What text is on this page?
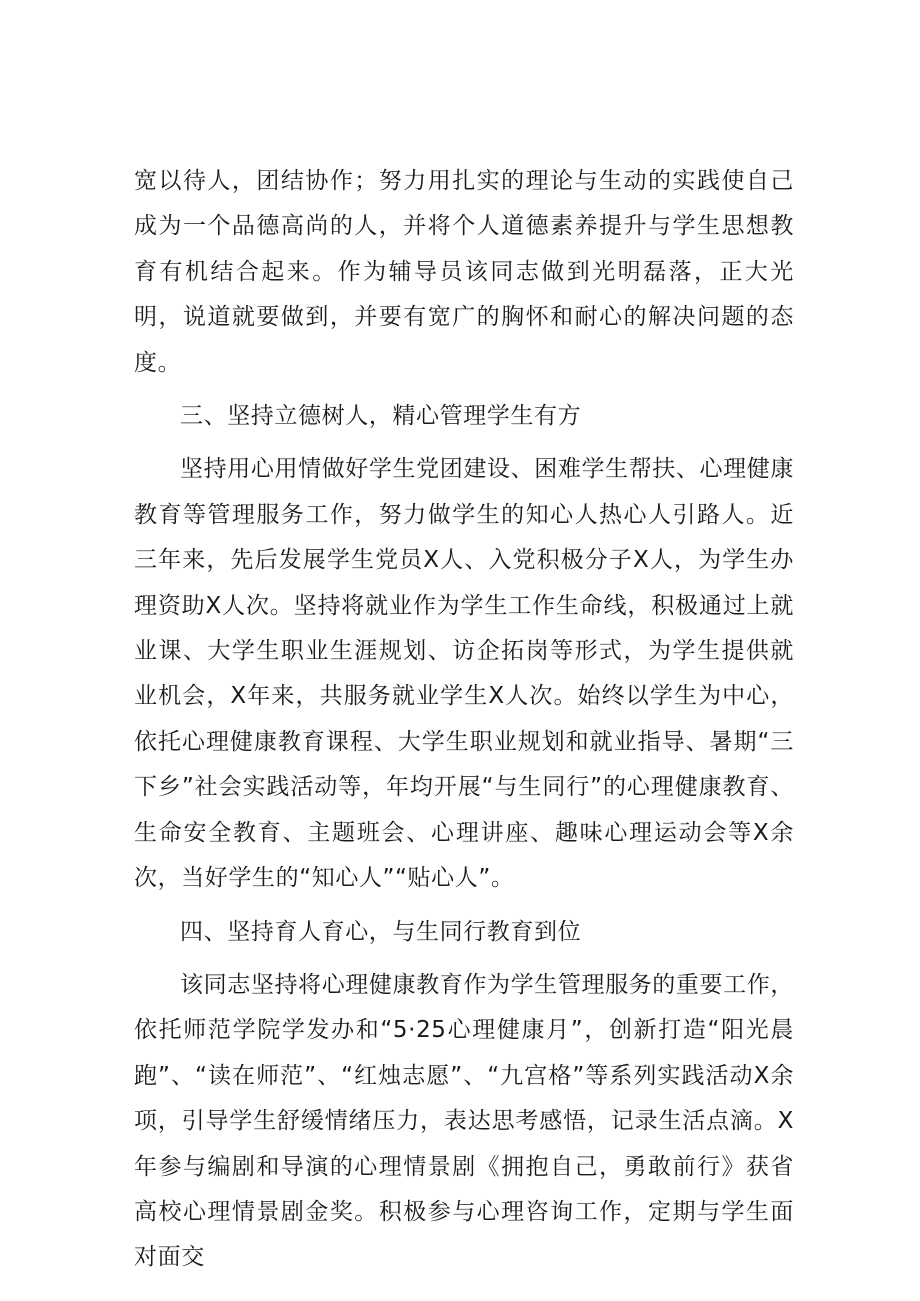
宽以待人，团结协作；努力用扎实的理论与生动的实践使自己成为一个品德高尚的人，并将个人道德素养提升与学生思想教育有机结合起来。作为辅导员该同志做到光明磊落，正大光明，说道就要做到，并要有宽广的胸怀和耐心的解决问题的态度。

三、坚持立德树人，精心管理学生有方

坚持用心用情做好学生党团建设、困难学生帮扶、心理健康教育等管理服务工作，努力做学生的知心人热心人引路人。近三年来，先后发展学生党员X人、入党积极分子X人，为学生办理资助X人次。坚持将就业作为学生工作生命线，积极通过上就业课、大学生职业生涯规划、访企拓岗等形式，为学生提供就业机会，X年来，共服务就业学生X人次。始终以学生为中心，依托心理健康教育课程、大学生职业规划和就业指导、暑期“三下乡”社会实践活动等，年均开展“与生同行”的心理健康教育、生命安全教育、主题班会、心理讲座、趣味心理运动会等X余次，当好学生的“知心人”“贴心人”。

四、坚持育人育心，与生同行教育到位

该同志坚持将心理健康教育作为学生管理服务的重要工作，依托师范学院学发办和“5·25心理健康月”，创新打造“阳光晨跑”、“读在师范”、“红烛志愿”、“九宫格”等系列实践活动X余项，引导学生舒缓情绪压力，表达思考感悟，记录生活点滴。X年参与编剧和导演的心理情景剧《拥抱自己，勇敢前行》获省高校心理情景剧金奖。积极参与心理咨询工作，定期与学生面对面交
